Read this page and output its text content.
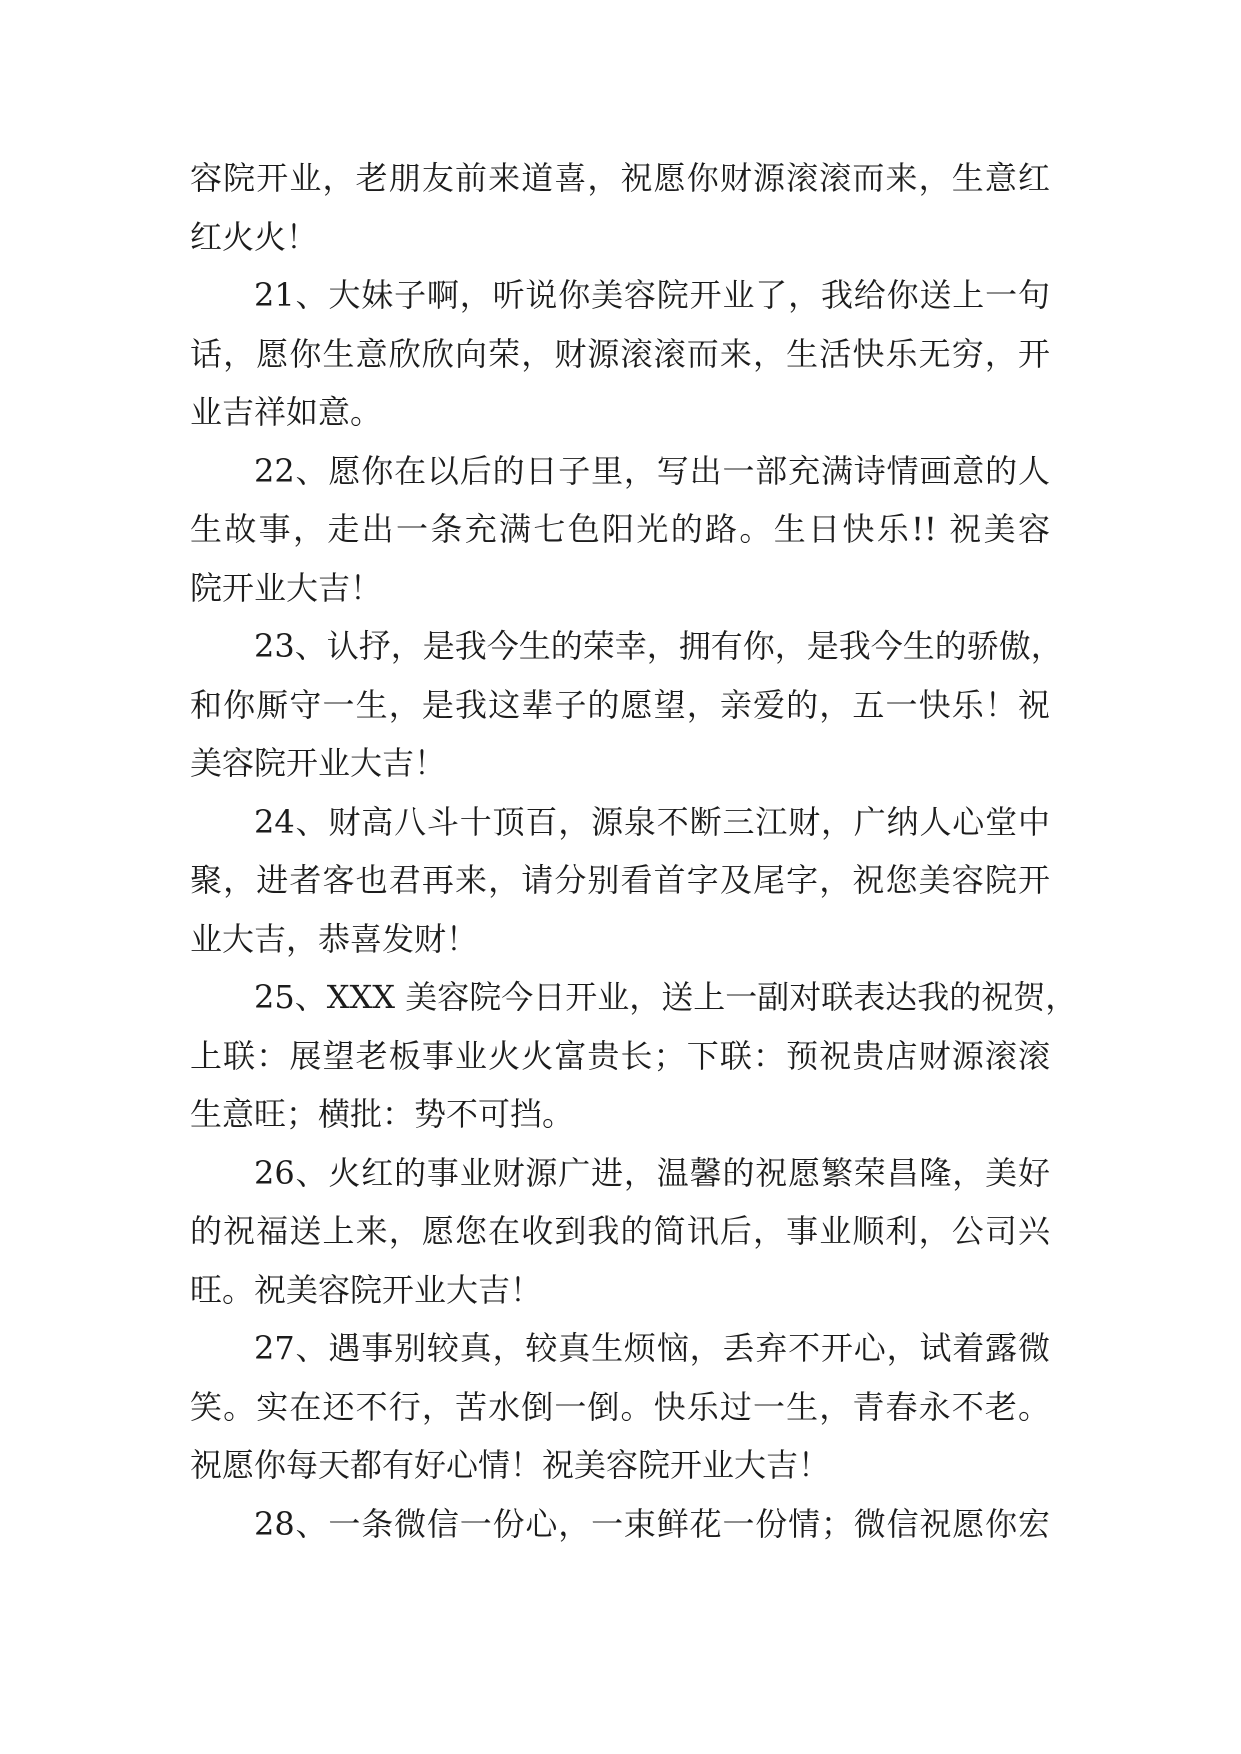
容院开业，老朋友前来道喜，祝愿你财源滚滚而来，生意红
红火火！
21、大妹子啊，听说你美容院开业了，我给你送上一句
话，愿你生意欣欣向荣，财源滚滚而来，生活快乐无穷，开
业吉祥如意。
22、愿你在以后的日子里，写出一部充满诗情画意的人
生故事，走出一条充满七色阳光的路。生日快乐!! 祝美容
院开业大吉！
23、认抒，是我今生的荣幸，拥有你，是我今生的骄傲，
和你厮守一生，是我这辈子的愿望，亲爱的，五一快乐！祝
美容院开业大吉！
24、财高八斗十顶百，源泉不断三江财，广纳人心堂中
聚，进者客也君再来，请分别看首字及尾字，祝您美容院开
业大吉，恭喜发财！
25、XXX 美容院今日开业，送上一副对联表达我的祝贺，
上联：展望老板事业火火富贵长；下联：预祝贵店财源滚滚
生意旺；横批：势不可挡。
26、火红的事业财源广进，温馨的祝愿繁荣昌隆，美好
的祝福送上来，愿您在收到我的简讯后，事业顺利，公司兴
旺。祝美容院开业大吉！
27、遇事别较真，较真生烦恼，丢弃不开心，试着露微
笑。实在还不行，苦水倒一倒。快乐过一生，青春永不老。
祝愿你每天都有好心情！祝美容院开业大吉！
28、一条微信一份心，一束鲜花一份情；微信祝愿你宏
